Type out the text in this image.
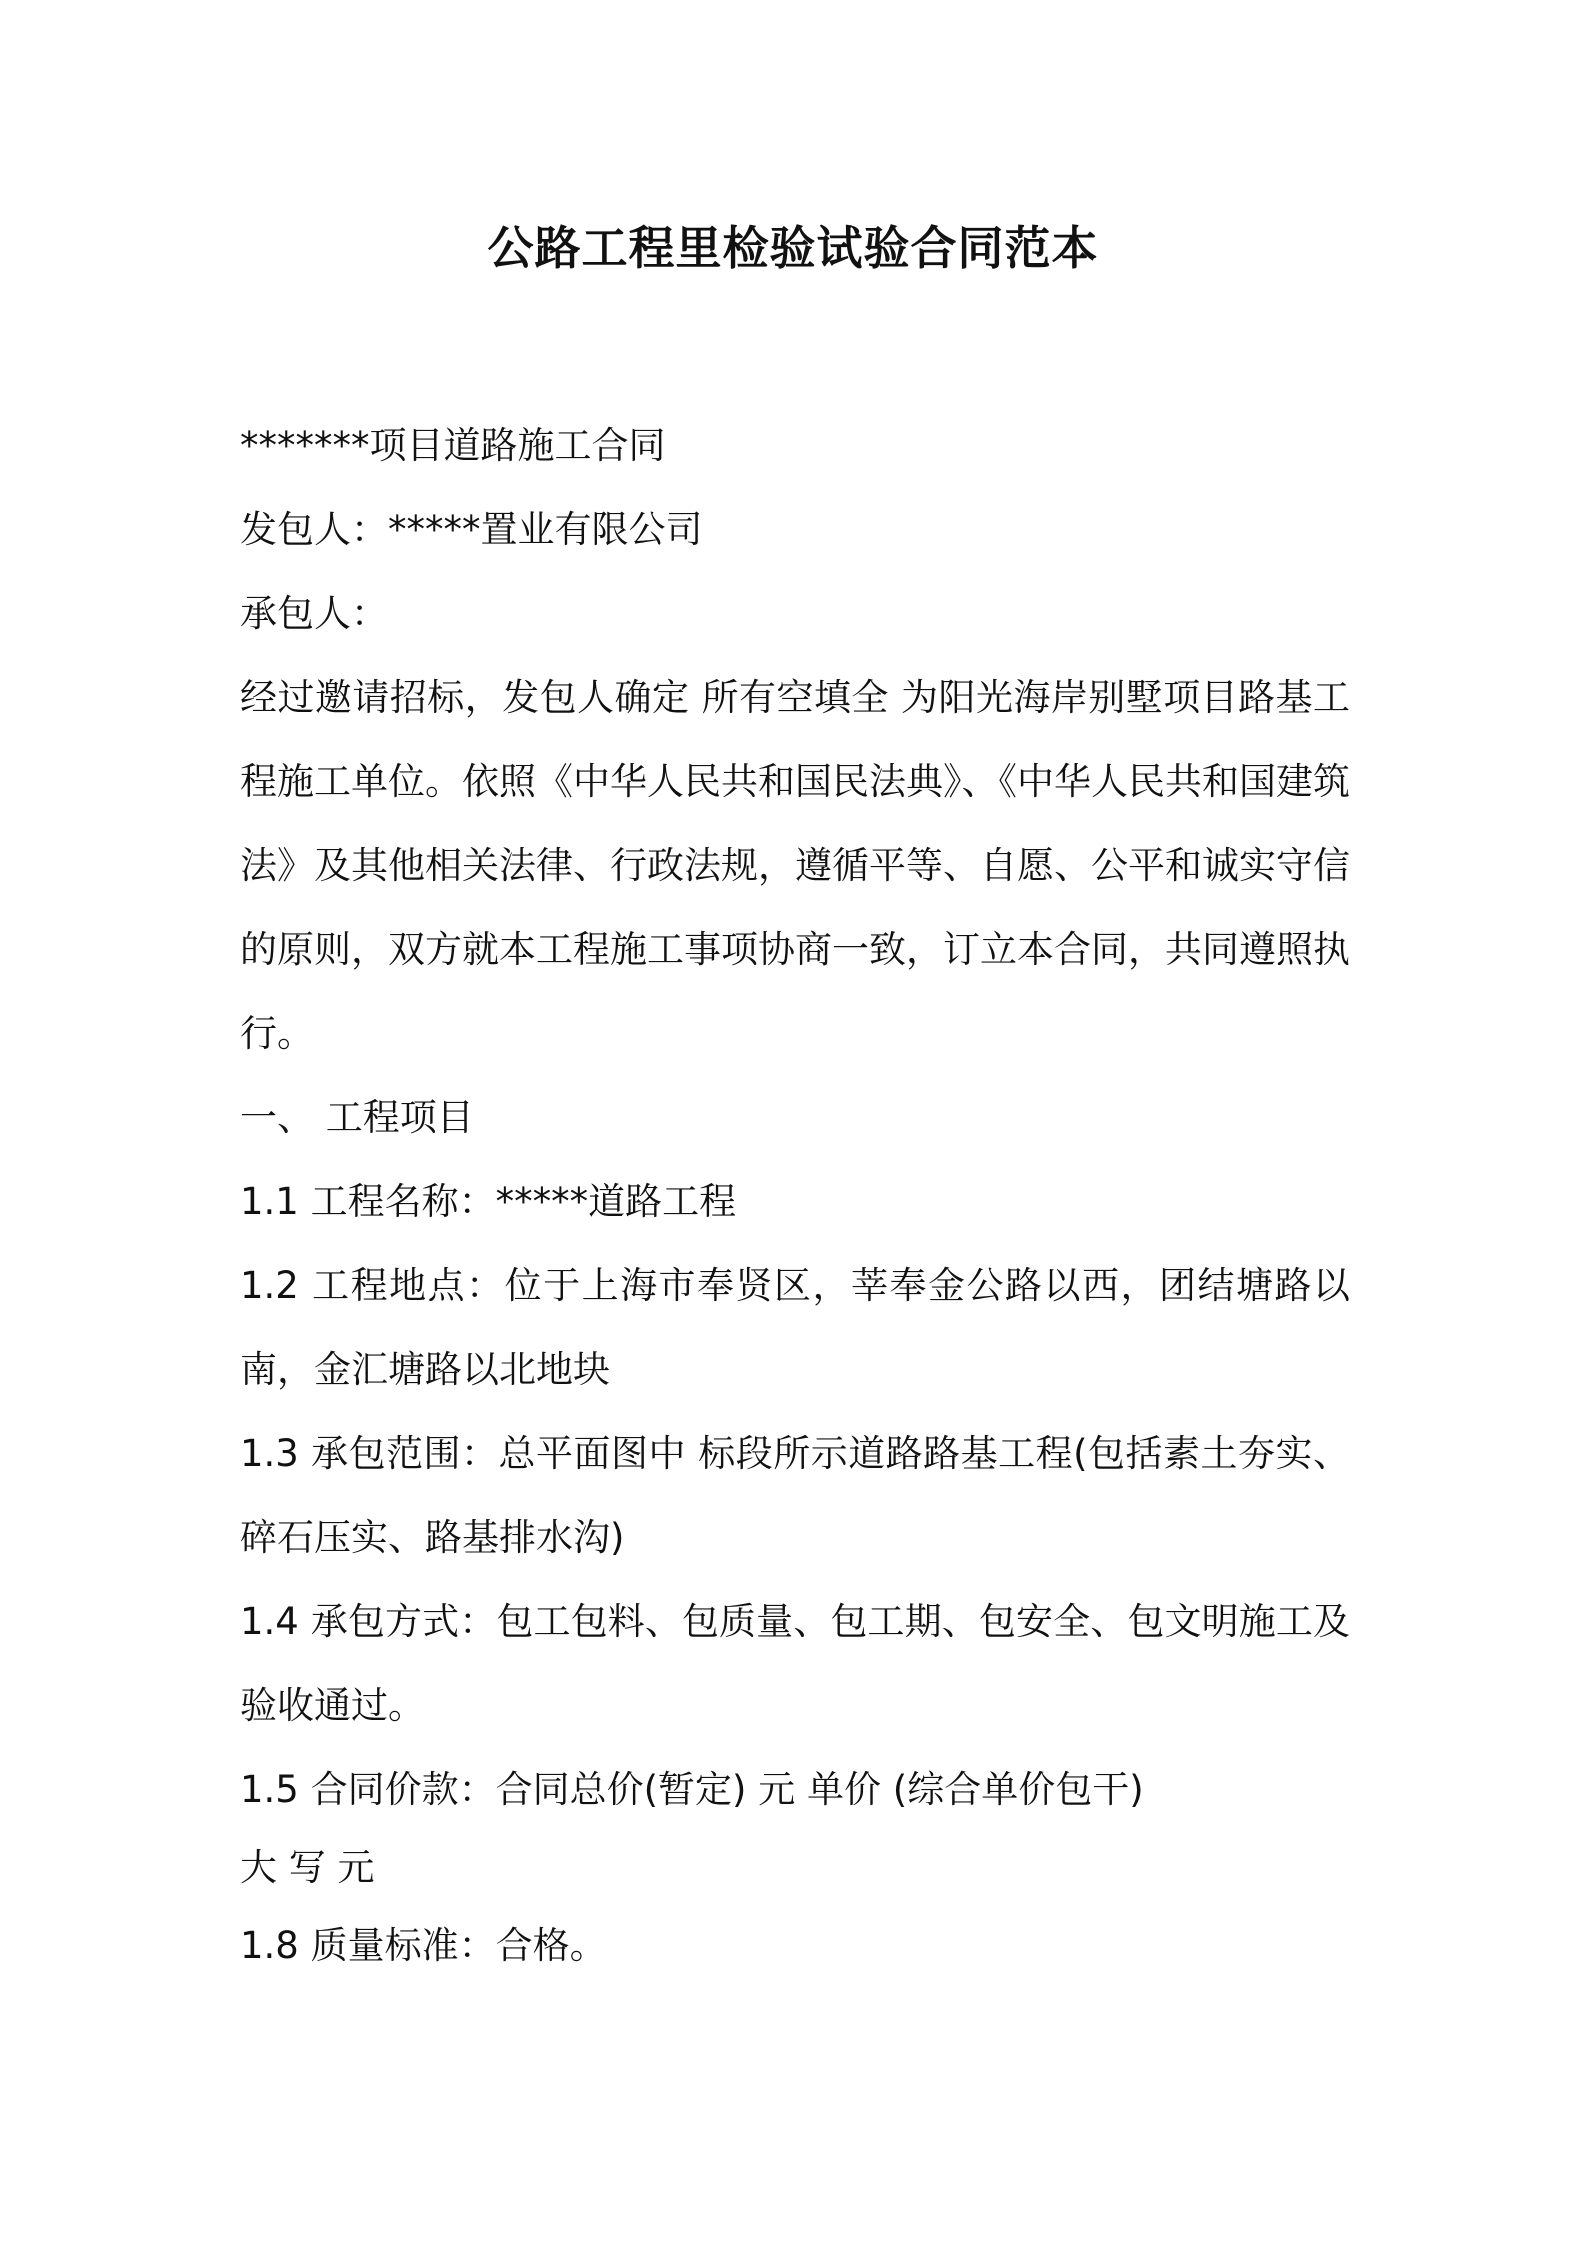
公路工程里检验试验合同范本

*******项目道路施工合同

发包人：*****置业有限公司

承包人：

经过邀请招标，发包人确定 所有空填全 为阳光海岸别墅项目路基工程施工单位。依照《中华人民共和国民法典》、《中华人民共和国建筑法》及其他相关法律、行政法规，遵循平等、自愿、公平和诚实守信的原则，双方就本工程施工事项协商一致，订立本合同，共同遵照执行。

一、 工程项目

1.1 工程名称：*****道路工程

1.2 工程地点：位于上海市奉贤区，莘奉金公路以西，团结塘路以南，金汇塘路以北地块

1.3 承包范围：总平面图中 标段所示道路路基工程(包括素土夯实、碎石压实、路基排水沟)

1.4 承包方式：包工包料、包质量、包工期、包安全、包文明施工及验收通过。

1.5 合同价款：合同总价(暂定) 元 单价 (综合单价包干)

大 写 元

1.8 质量标准：合格。
